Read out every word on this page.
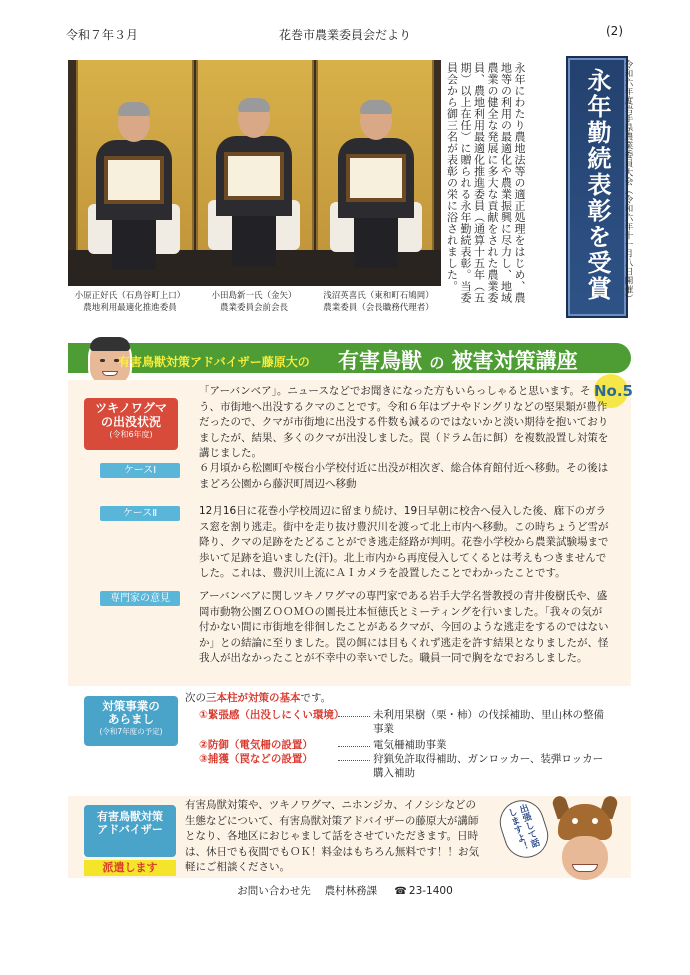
令和７年３月	花巻市農業委員会だより	(2)
小原正好氏（石鳥谷町上口）
農地利用最適化推進委員
小田島新一氏（金矢）
農業委員会前会長
浅沼英喜氏（東和町石鳩岡）
農業委員（会長職務代理者）
永年にわたり農地法等の適正処理をはじめ、農地等の利用の最適化や農業振興に尽力し、地域農業の健全な発展に多大な貢献をされた農業委員、農地利用最適化推進委員（通算十五年（五期）以上在任）に贈られる永年勤続表彰。当委員会から御三名が表彰の栄に浴されました。	永年勤続表彰を受賞	令和六年度岩手県農業委員大会（令和六年十一月八日開催）
有害鳥獣対策アドバイザー藤原大の 有害鳥獣 の 被害対策講座
No.5
ツキノワグマ
の出没状況
(令和6年度)
「アーバンベア」。ニュースなどでお聞きになった方もいらっしゃると思います。そう、市街地へ出没するクマのことです。令和６年はブナやドングリなどの堅果類が豊作だったので、クマが市街地に出没する件数も減るのではないかと淡い期待を抱いておりましたが、結果、多くのクマが出没しました。罠（ドラム缶に餌）を複数設置し対策を講じました。
ケースⅠ	６月頃から松園町や桜台小学校付近に出没が相次ぎ、総合体育館付近へ移動。その後はまどろ公園から藤沢町周辺へ移動
ケースⅡ	12月16日に花巻小学校周辺に留まり続け、19日早朝に校舎へ侵入した後、廊下のガラス窓を割り逃走。街中を走り抜け豊沢川を渡って北上市内へ移動。この時ちょうど雪が降り、クマの足跡をたどることができ逃走経路が判明。花巻小学校から農業試験場まで歩いて足跡を追いました(汗)。北上市内から再度侵入してくるとは考えもつきませんでした。これは、豊沢川上流にＡＩカメラを設置したことでわかったことです。
専門家の意見	アーバンベアに関しツキノワグマの専門家である岩手大学名誉教授の青井俊樹氏や、盛岡市動物公園ＺＯＯＭＯの園長辻本恒徳氏とミーティングを行いました。「我々の気が付かない間に市街地を徘徊したことがあるクマが、今回のような逃走をするのではないか」との結論に至りました。罠の餌には目もくれず逃走を許す結果となりましたが、怪我人が出なかったことが不幸中の幸いでした。職員一同で胸をなでおろしました。
対策事業の
あらまし
(令和7年度の予定)
次の三本柱が対策の基本です。
①緊張感（出没しにくい環境）	未利用果樹（栗・柿）の伐採補助、里山林の整備事業
②防御（電気柵の設置）	電気柵補助事業
③捕獲（罠などの設置）	狩猟免許取得補助、ガンロッカー、装弾ロッカー購入補助
有害鳥獣対策
アドバイザー
派遣します
有害鳥獣対策や、ツキノワグマ、ニホンジカ、イノシシなどの生態などについて、有害鳥獣対策アドバイザーの藤原大が講師となり、各地区におじゃまして話をさせていただきます。日時は、休日でも夜間でもＯＫ！料金はもちろん無料です！！お気軽にご相談ください。
出張して話しますよ！
お問い合わせ先　 農村林務課 ☎ 23-1400
